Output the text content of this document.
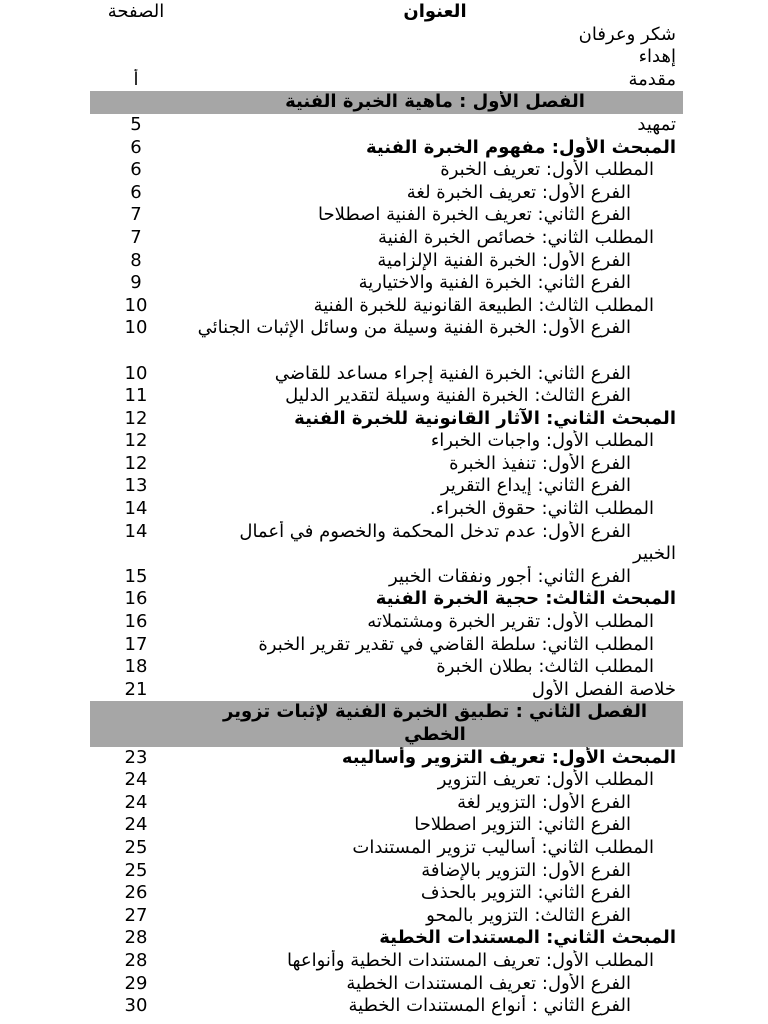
الصفحة	العنوان
شكر وعرفان
إهداء
أ	مقدمة
الفصل الأول : ماهية الخبرة الفنية
5	تمهيد
6	المبحث الأول: مفهوم الخبرة الفنية
6	المطلب الأول: تعريف الخبرة
6	الفرع الأول: تعريف الخبرة لغة
7	الفرع الثاني: تعريف الخبرة الفنية اصطلاحا
7	المطلب الثاني: خصائص الخبرة الفنية
8	الفرع الأول: الخبرة الفنية الإلزامية
9	الفرع الثاني: الخبرة الفنية والاختيارية
10	المطلب الثالث: الطبيعة القانونية للخبرة الفنية
10	الفرع الأول: الخبرة الفنية وسيلة من وسائل الإثبات الجنائي
10	الفرع الثاني: الخبرة الفنية إجراء مساعد للقاضي
11	الفرع الثالث: الخبرة الفنية وسيلة لتقدير الدليل
12	المبحث الثاني: الآثار القانونية للخبرة الفنية
12	المطلب الأول: واجبات الخبراء
12	الفرع الأول: تنفيذ الخبرة
13	الفرع الثاني: إيداع التقرير
14	المطلب الثاني: حقوق الخبراء.
14	الفرع الأول: عدم تدخل المحكمة والخصوم في أعمال الخبير
15	الفرع الثاني: أجور ونفقات الخبير
16	المبحث الثالث: حجية الخبرة الفنية
16	المطلب الأول: تقرير الخبرة ومشتملاته
17	المطلب الثاني: سلطة القاضي في تقدير تقرير الخبرة
18	المطلب الثالث: بطلان الخبرة
21	خلاصة الفصل الأول
الفصل الثاني : تطبيق الخبرة الفنية لإثبات تزوير الخطي
23	المبحث الأول: تعريف التزوير وأساليبه
24	المطلب الأول: تعريف التزوير
24	الفرع الأول: التزوير لغة
24	الفرع الثاني: التزوير اصطلاحا
25	المطلب الثاني: أساليب تزوير المستندات
25	الفرع الأول: التزوير بالإضافة
26	الفرع الثاني: التزوير بالحذف
27	الفرع الثالث: التزوير بالمحو
28	المبحث الثاني: المستندات الخطية
28	المطلب الأول: تعريف المستندات الخطية وأنواعها
29	الفرع الأول: تعريف المستندات الخطية
30	الفرع الثاني : أنواع المستندات الخطية
